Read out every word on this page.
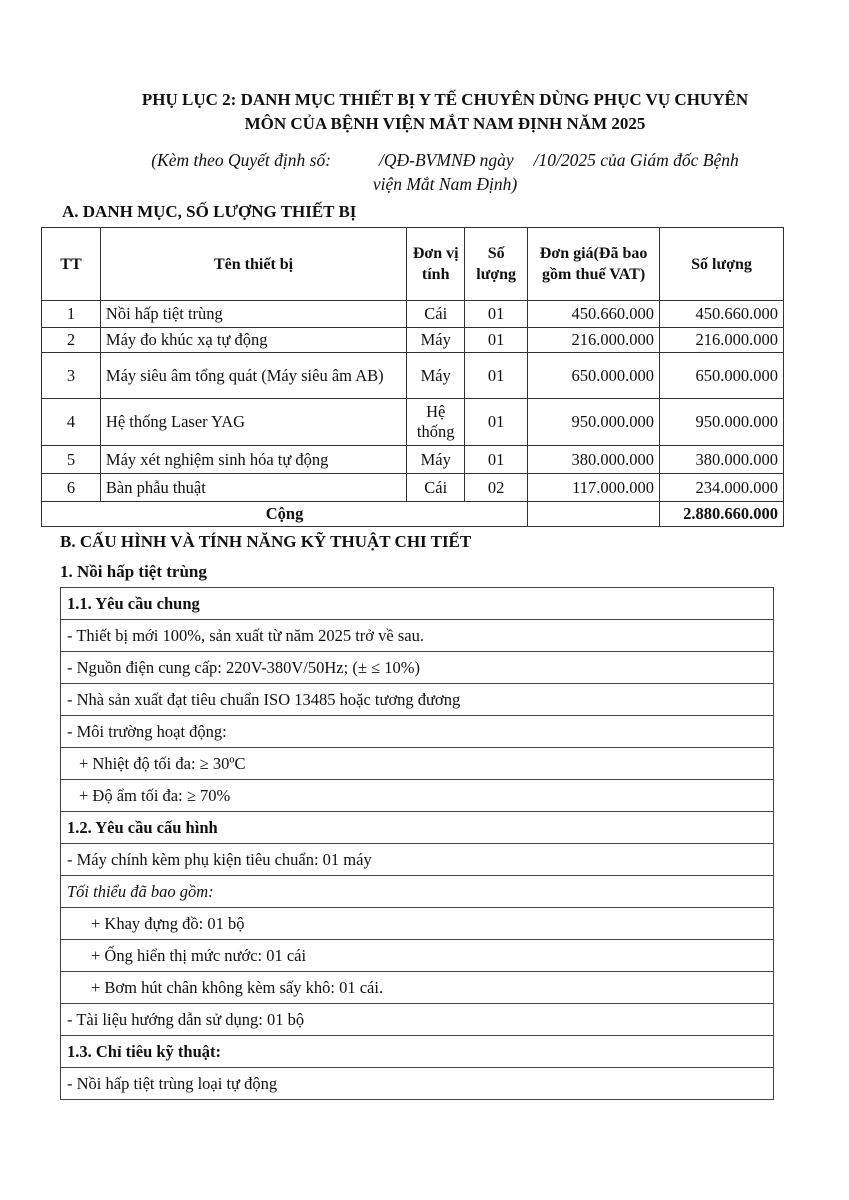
PHỤ LỤC 2: DANH MỤC THIẾT BỊ Y TẾ CHUYÊN DÙNG PHỤC VỤ CHUYÊN
MÔN CỦA BỆNH VIỆN MẮT NAM ĐỊNH NĂM 2025
(Kèm theo Quyết định số:	/QĐ-BVMNĐ ngày /10/2025 của Giám đốc Bệnh
viện Mắt Nam Định)
A. DANH MỤC, SỐ LƯỢNG THIẾT BỊ
TT	Tên thiết bị	Đơn vị tính	Số lượng	Đơn giá(Đã bao gồm thuế VAT)	Số lượng
1	Nồi hấp tiệt trùng	Cái	01	450.660.000	450.660.000
2	Máy đo khúc xạ tự động	Máy	01	216.000.000	216.000.000
3	Máy siêu âm tổng quát (Máy siêu âm AB)	Máy	01	650.000.000	650.000.000
4	Hệ thống Laser YAG	Hệ thống	01	950.000.000	950.000.000
5	Máy xét nghiệm sinh hóa tự động	Máy	01	380.000.000	380.000.000
6	Bàn phẫu thuật	Cái	02	117.000.000	234.000.000
Cộng					2.880.660.000
B. CẤU HÌNH VÀ TÍNH NĂNG KỸ THUẬT CHI TIẾT
1. Nồi hấp tiệt trùng
1.1. Yêu cầu chung
- Thiết bị mới 100%, sản xuất từ năm 2025 trở về sau.
- Nguồn điện cung cấp: 220V-380V/50Hz; (± ≤ 10%)
- Nhà sản xuất đạt tiêu chuẩn ISO 13485 hoặc tương đương
- Môi trường hoạt động:
+ Nhiệt độ tối đa: ≥ 30ºC
+ Độ ẩm tối đa: ≥ 70%
1.2. Yêu cầu cấu hình
- Máy chính kèm phụ kiện tiêu chuẩn: 01 máy
Tối thiểu đã bao gồm:
+ Khay đựng đồ: 01 bộ
+ Ống hiển thị mức nước: 01 cái
+ Bơm hút chân không kèm sấy khô: 01 cái.
- Tài liệu hướng dẫn sử dụng: 01 bộ
1.3. Chỉ tiêu kỹ thuật:
- Nồi hấp tiệt trùng loại tự động
